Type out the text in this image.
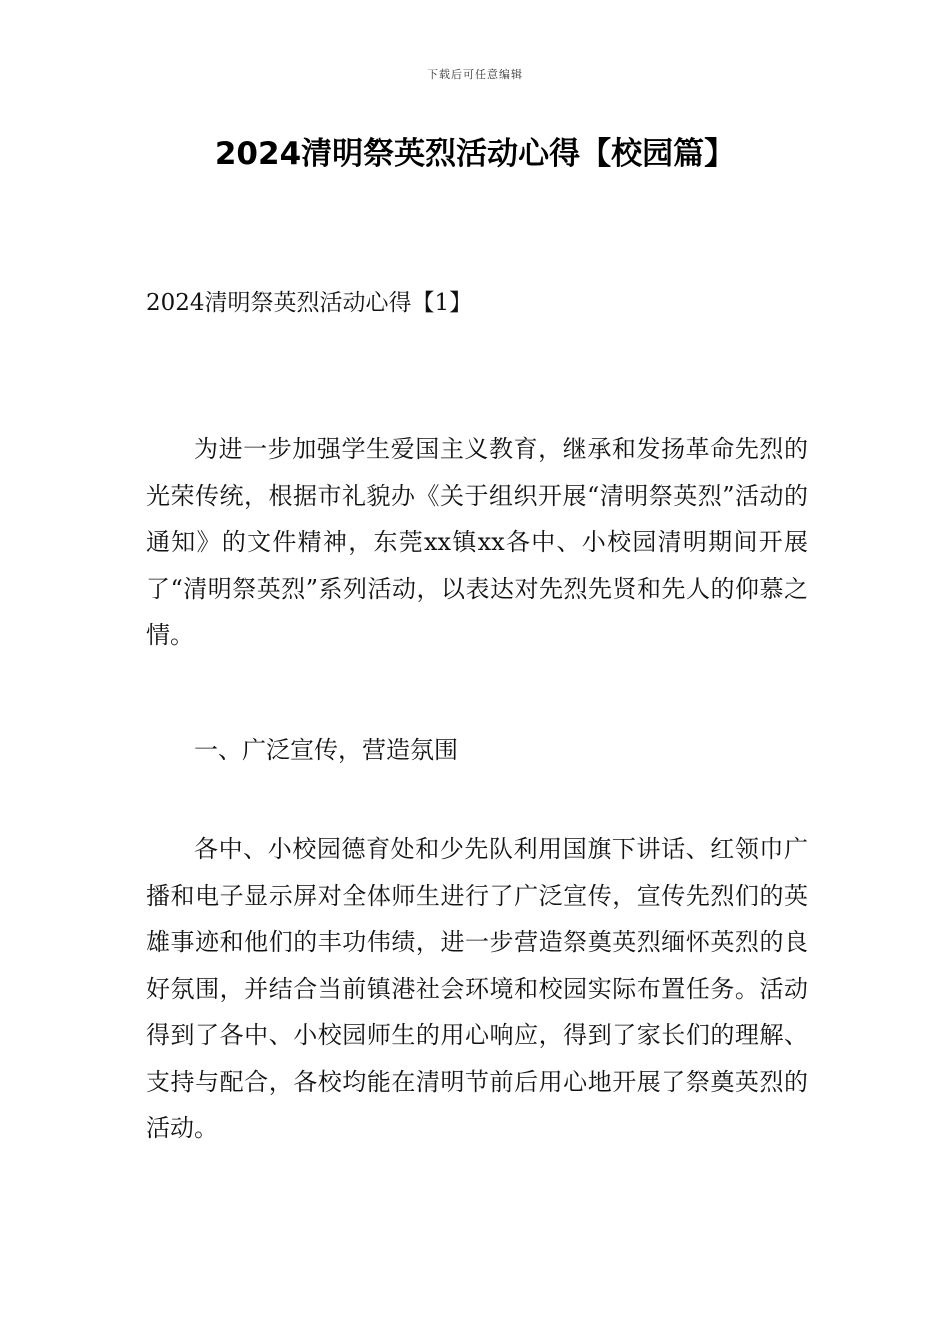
下载后可任意编辑
2024清明祭英烈活动心得【校园篇】
2024清明祭英烈活动心得【1】

为进一步加强学生爱国主义教育，继承和发扬革命先烈的光荣传统，根据市礼貌办《关于组织开展“清明祭英烈”活动的通知》的文件精神，东莞xx镇xx各中、小校园清明期间开展了“清明祭英烈”系列活动，以表达对先烈先贤和先人的仰慕之情。

一、广泛宣传，营造氛围

各中、小校园德育处和少先队利用国旗下讲话、红领巾广播和电子显示屏对全体师生进行了广泛宣传，宣传先烈们的英雄事迹和他们的丰功伟绩，进一步营造祭奠英烈缅怀英烈的良好氛围，并结合当前镇港社会环境和校园实际布置任务。活动得到了各中、小校园师生的用心响应，得到了家长们的理解、支持与配合，各校均能在清明节前后用心地开展了祭奠英烈的活动。
